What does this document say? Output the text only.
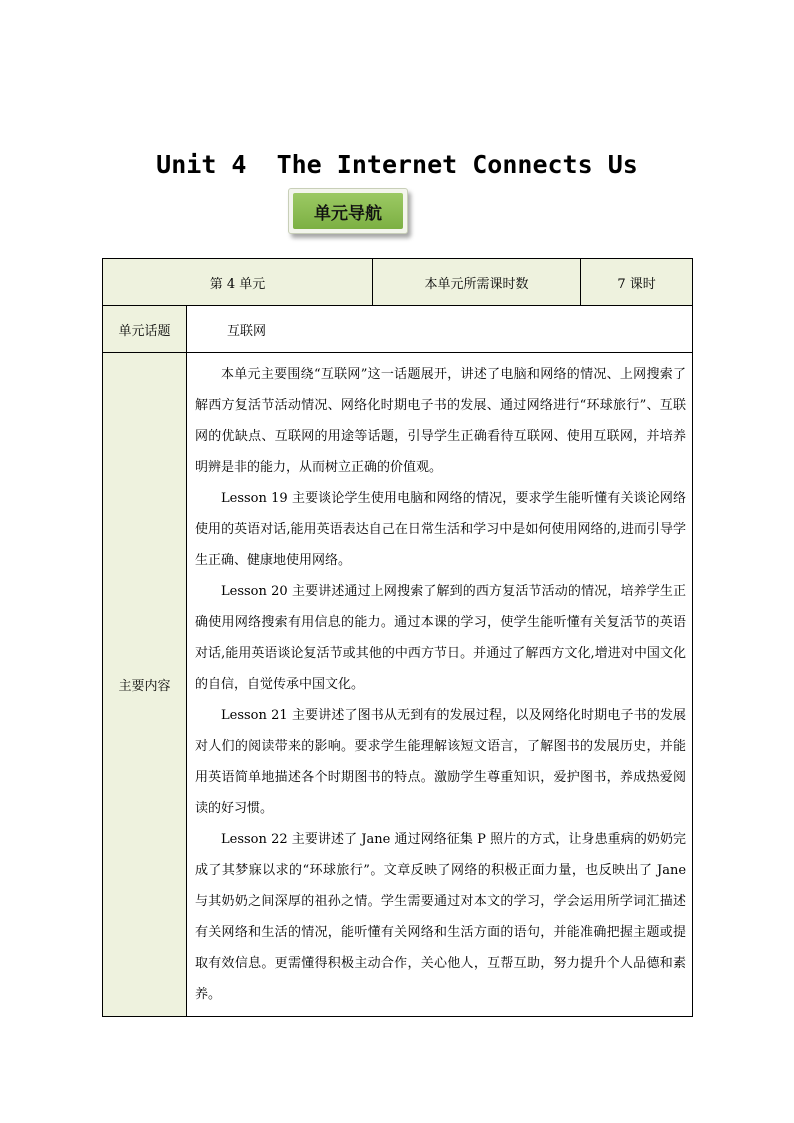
Unit 4  The Internet Connects Us
单元导航
第 4 单元		本单元所需课时数	7 课时
单元话题	互联网		
主要内容	本单元主要围绕“互联网”这一话题展开，讲述了电脑和网络的情况、上网搜索了解西方复活节活动情况、网络化时期电子书的发展、通过网络进行“环球旅行”、互联网的优缺点、互联网的用途等话题，引导学生正确看待互联网、使用互联网，并培养明辨是非的能力，从而树立正确的价值观。

Lesson 19 主要谈论学生使用电脑和网络的情况，要求学生能听懂有关谈论网络使用的英语对话,能用英语表达自己在日常生活和学习中是如何使用网络的,进而引导学生正确、健康地使用网络。

Lesson 20 主要讲述通过上网搜索了解到的西方复活节活动的情况，培养学生正确使用网络搜索有用信息的能力。通过本课的学习，使学生能听懂有关复活节的英语对话,能用英语谈论复活节或其他的中西方节日。并通过了解西方文化,增进对中国文化的自信，自觉传承中国文化。

Lesson 21 主要讲述了图书从无到有的发展过程，以及网络化时期电子书的发展对人们的阅读带来的影响。要求学生能理解该短文语言，了解图书的发展历史，并能用英语简单地描述各个时期图书的特点。激励学生尊重知识，爱护图书，养成热爱阅读的好习惯。

Lesson 22 主要讲述了 Jane 通过网络征集 P 照片的方式，让身患重病的奶奶完成了其梦寐以求的“环球旅行”。文章反映了网络的积极正面力量，也反映出了 Jane 与其奶奶之间深厚的祖孙之情。学生需要通过对本文的学习，学会运用所学词汇描述有关网络和生活的情况，能听懂有关网络和生活方面的语句，并能准确把握主题或提取有效信息。更需懂得积极主动合作，关心他人，互帮互助，努力提升个人品德和素养。		
